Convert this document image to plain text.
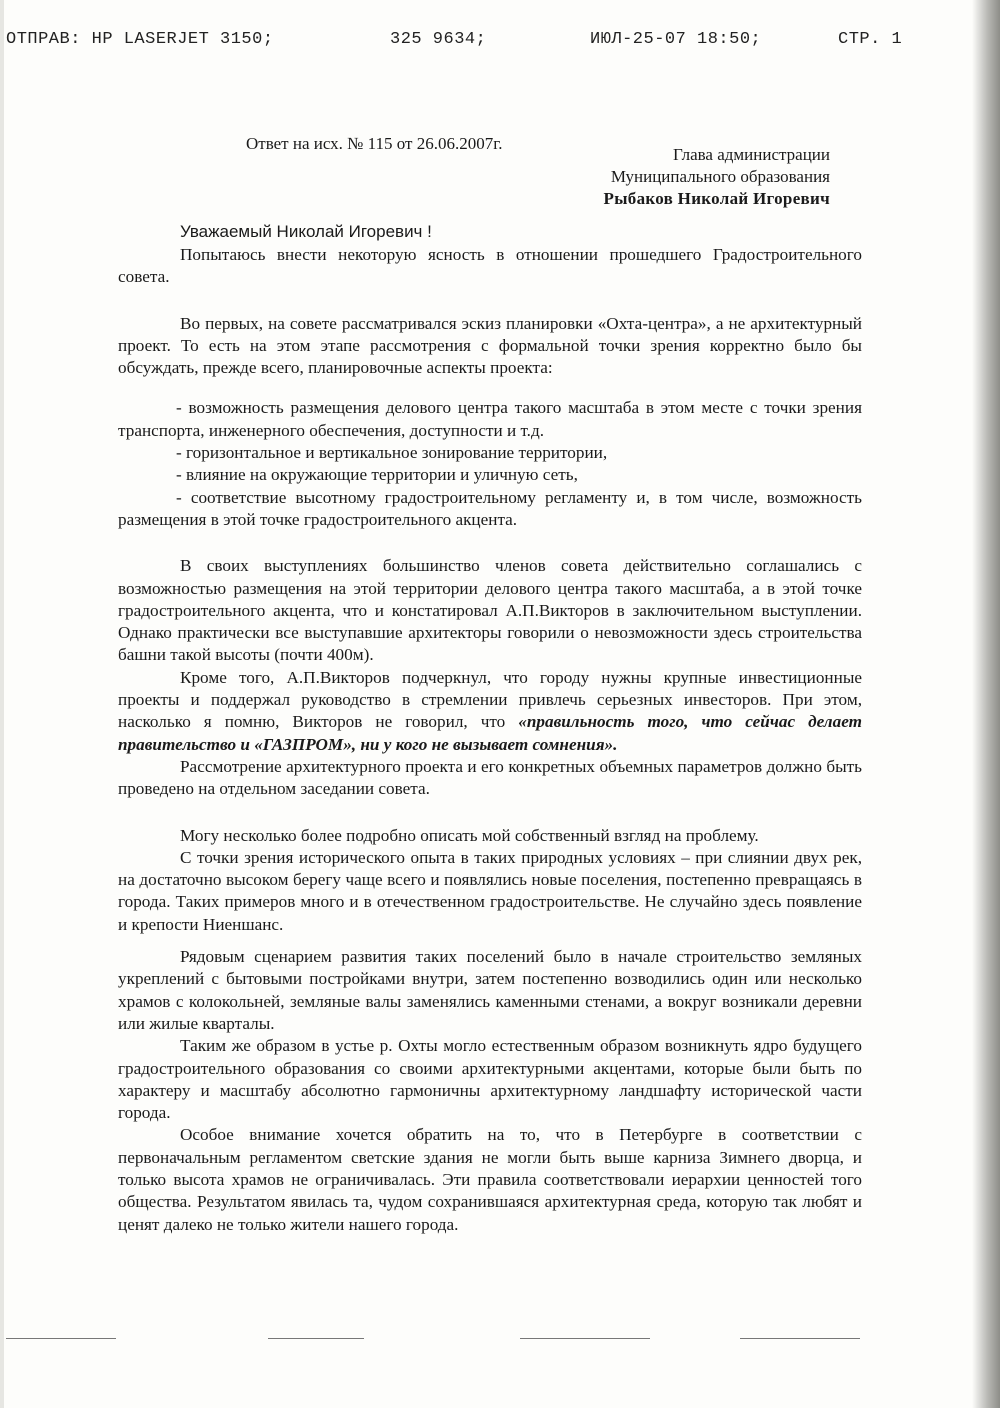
ОТПРАВ: HP LASERJET 3150;	325 9634;	ИЮЛ-25-07 18:50;	СТР. 1
Ответ на исх. № 115 от 26.06.2007г.
Глава администрации
Муниципального образования
Рыбаков Николай Игоревич
Уважаемый Николай Игоревич !

Попытаюсь внести некоторую ясность в отношении прошедшего Градостроительного совета.

Во первых, на совете рассматривался эскиз планировки «Охта-центра», а не архитектурный проект. То есть на этом этапе рассмотрения с формальной точки зрения корректно было бы обсуждать, прежде всего, планировочные аспекты проекта:

- возможность размещения делового центра такого масштаба в этом месте с точки зрения транспорта, инженерного обеспечения, доступности и т.д.

- горизонтальное и вертикальное зонирование территории,

- влияние на окружающие территории и уличную сеть,

- соответствие высотному градостроительному регламенту и, в том числе, возможность размещения в этой точке градостроительного акцента.

В своих выступлениях большинство членов совета действительно соглашались с возможностью размещения на этой территории делового центра такого масштаба, а в этой точке градостроительного акцента, что и констатировал А.П.Викторов в заключительном выступлении. Однако практически все выступавшие архитекторы говорили о невозможности здесь строительства башни такой высоты (почти 400м).

Кроме того, А.П.Викторов подчеркнул, что городу нужны крупные инвестиционные проекты и поддержал руководство в стремлении привлечь серьезных инвесторов. При этом, насколько я помню, Викторов не говорил, что «правильность того, что сейчас делает правительство и «ГАЗПРОМ», ни у кого не вызывает сомнения».

Рассмотрение архитектурного проекта и его конкретных объемных параметров должно быть проведено на отдельном заседании совета.

Могу несколько более подробно описать мой собственный взгляд на проблему.

С точки зрения исторического опыта в таких природных условиях – при слиянии двух рек, на достаточно высоком берегу чаще всего и появлялись новые поселения, постепенно превращаясь в города. Таких примеров много и в отечественном градостроительстве. Не случайно здесь появление и крепости Ниеншанс.

Рядовым сценарием развития таких поселений было в начале строительство земляных укреплений с бытовыми постройками внутри, затем постепенно возводились один или несколько храмов с колокольней, земляные валы заменялись каменными стенами, а вокруг возникали деревни или жилые кварталы.

Таким же образом в устье р. Охты могло естественным образом возникнуть ядро будущего градостроительного образования со своими архитектурными акцентами, которые были быть по характеру и масштабу абсолютно гармоничны архитектурному ландшафту исторической части города.

Особое внимание хочется обратить на то, что в Петербурге в соответствии с первоначальным регламентом светские здания не могли быть выше карниза Зимнего дворца, и только высота храмов не ограничивалась. Эти правила соответствовали иерархии ценностей того общества. Результатом явилась та, чудом сохранившаяся архитектурная среда, которую так любят и ценят далеко не только жители нашего города.
